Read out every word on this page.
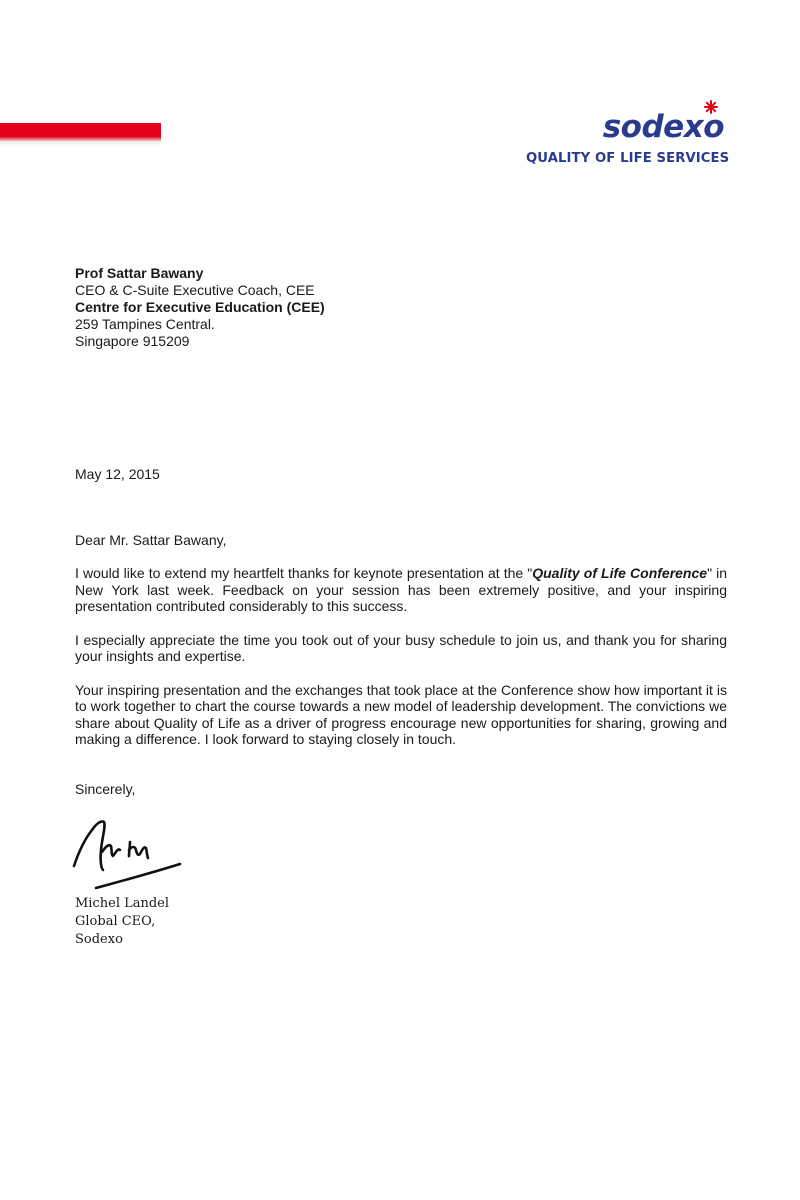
sodexo
QUALITY OF LIFE SERVICES
Prof Sattar Bawany
CEO & C-Suite Executive Coach, CEE
Centre for Executive Education (CEE)
259 Tampines Central.
Singapore 915209
May 12, 2015
Dear Mr. Sattar Bawany,

I would like to extend my heartfelt thanks for keynote presentation at the "Quality of Life Conference" in New York last week. Feedback on your session has been extremely positive, and your inspiring presentation contributed considerably to this success.

I especially appreciate the time you took out of your busy schedule to join us, and thank you for sharing your insights and expertise.

Your inspiring presentation and the exchanges that took place at the Conference show how important it is to work together to chart the course towards a new model of leadership development. The convictions we share about Quality of Life as a driver of progress encourage new opportunities for sharing, growing and making a difference. I look forward to staying closely in touch.

Sincerely,
Michel Landel
Global CEO,
Sodexo
